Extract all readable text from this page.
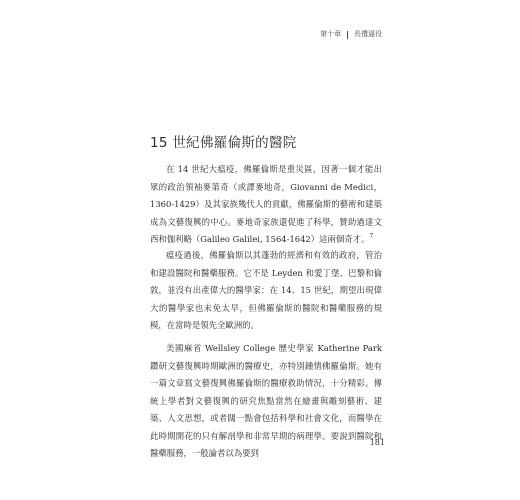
第十章 | 長禮逼役
15 世紀佛羅倫斯的醫院

在 14 世紀大瘟疫，佛羅倫斯是重災區，因著一個才能出眾的政治領袖麥第奇（或譯麥地奇，Giovanni de Medici，1360-1429）及其家族幾代人的貢獻，佛羅倫斯的藝術和建築成為文藝復興的中心。麥地奇家族還促進了科學，贊助過達文西和伽利略（Galileo Galilei, 1564-1642）這兩個奇才。$^7$

瘟疫過後，佛羅倫斯以其蓬勃的經濟和有效的政府，管治和建設醫院和醫藥服務。它不是 Leyden 和愛丁堡、巴黎和倫敦，並沒有出產偉大的醫學家：在 14、15 世紀，期望出現偉大的醫學家也未免太早，但佛羅倫斯的醫院和醫藥服務的規模，在當時是領先全歐洲的。

美國麻省 Wellsley College 歷史學家 Katherine Park 鑽研文藝復興時期歐洲的醫療史，亦特別鍾情佛羅倫斯。她有一篇文章寫文藝復興佛羅倫斯的醫療救助情況，十分精彩。傳統上學者對文藝復興的研究焦點當然在繪畫與雕刻藝術、建築、人文思想，或者闊一點會包括科學和社會文化，而醫學在此時期開花的只有解剖學和非常早期的病理學。要說到醫院和醫藥服務，一般論者以為要到

181
